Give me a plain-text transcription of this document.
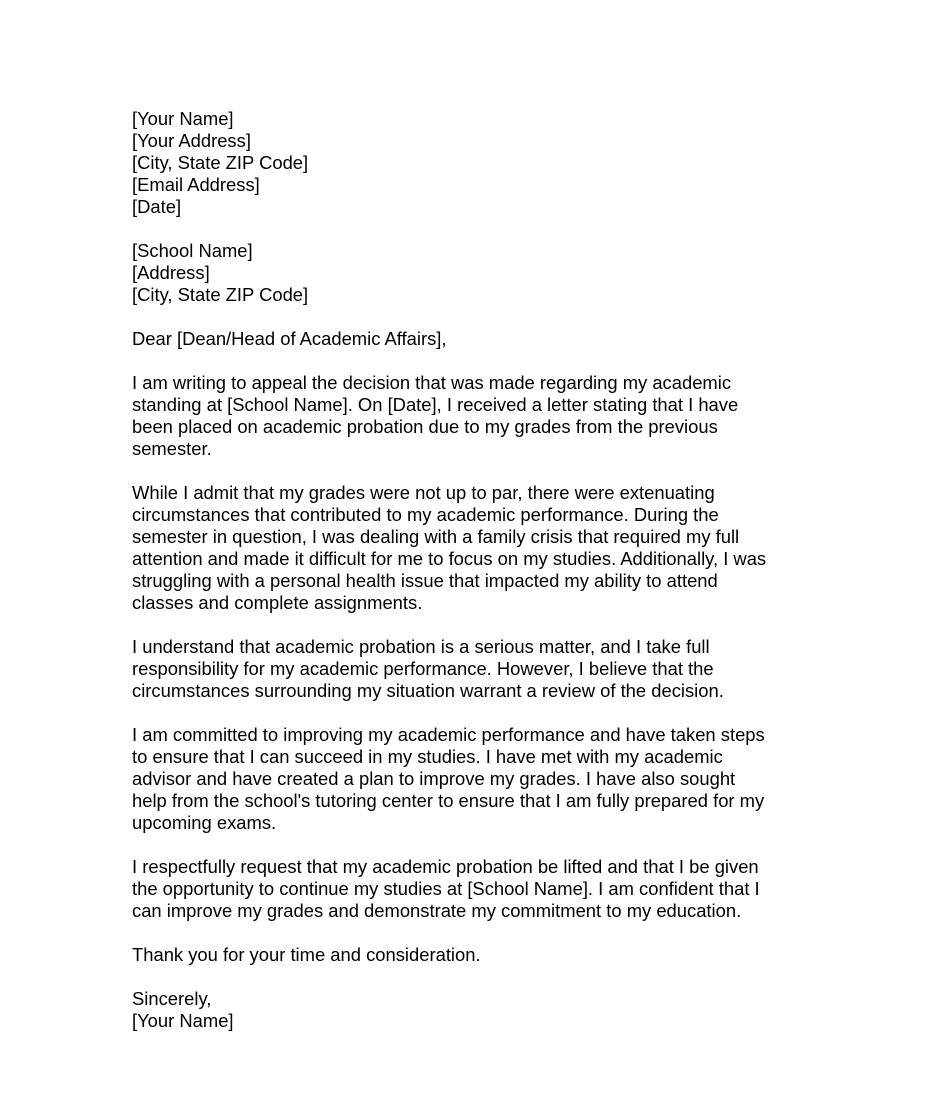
[Your Name]
[Your Address]
[City, State ZIP Code]
[Email Address]
[Date]
[School Name]
[Address]
[City, State ZIP Code]
Dear [Dean/Head of Academic Affairs],

I am writing to appeal the decision that was made regarding my academic
standing at [School Name]. On [Date], I received a letter stating that I have
been placed on academic probation due to my grades from the previous
semester.

While I admit that my grades were not up to par, there were extenuating
circumstances that contributed to my academic performance. During the
semester in question, I was dealing with a family crisis that required my full
attention and made it difficult for me to focus on my studies. Additionally, I was
struggling with a personal health issue that impacted my ability to attend
classes and complete assignments.

I understand that academic probation is a serious matter, and I take full
responsibility for my academic performance. However, I believe that the
circumstances surrounding my situation warrant a review of the decision.

I am committed to improving my academic performance and have taken steps
to ensure that I can succeed in my studies. I have met with my academic
advisor and have created a plan to improve my grades. I have also sought
help from the school's tutoring center to ensure that I am fully prepared for my
upcoming exams.

I respectfully request that my academic probation be lifted and that I be given
the opportunity to continue my studies at [School Name]. I am confident that I
can improve my grades and demonstrate my commitment to my education.

Thank you for your time and consideration.

Sincerely,
[Your Name]
